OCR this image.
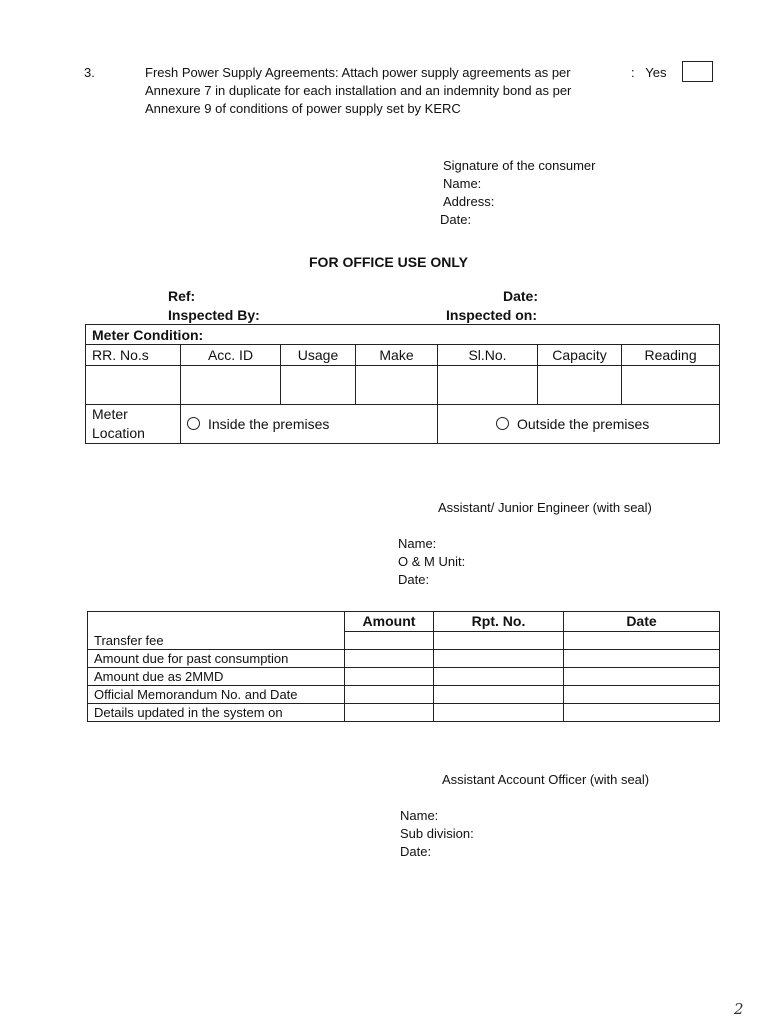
3.	Fresh Power Supply Agreements: Attach power supply agreements as per
Annexure 7 in duplicate for each installation and an indemnity bond as per
Annexure 9 of conditions of power supply set by KERC
: Yes
Signature of the consumer
Name:
Address:
Date:
FOR OFFICE USE ONLY
Ref:	Date:
Inspected By:	Inspected on:
Meter Condition:						
RR. No.s	Acc. ID	Usage	Make	Sl.No.	Capacity	Reading

Meter
Location	Inside the premises			Outside the premises		
Assistant/ Junior Engineer (with seal)
Name:
O & M Unit:
Date:
	Amount	Rpt. No.	Date
Transfer fee			
Amount due for past consumption			
Amount due as 2MMD			
Official Memorandum No. and Date			
Details updated in the system on			
Assistant Account Officer (with seal)
Name:
Sub division:
Date:
2
